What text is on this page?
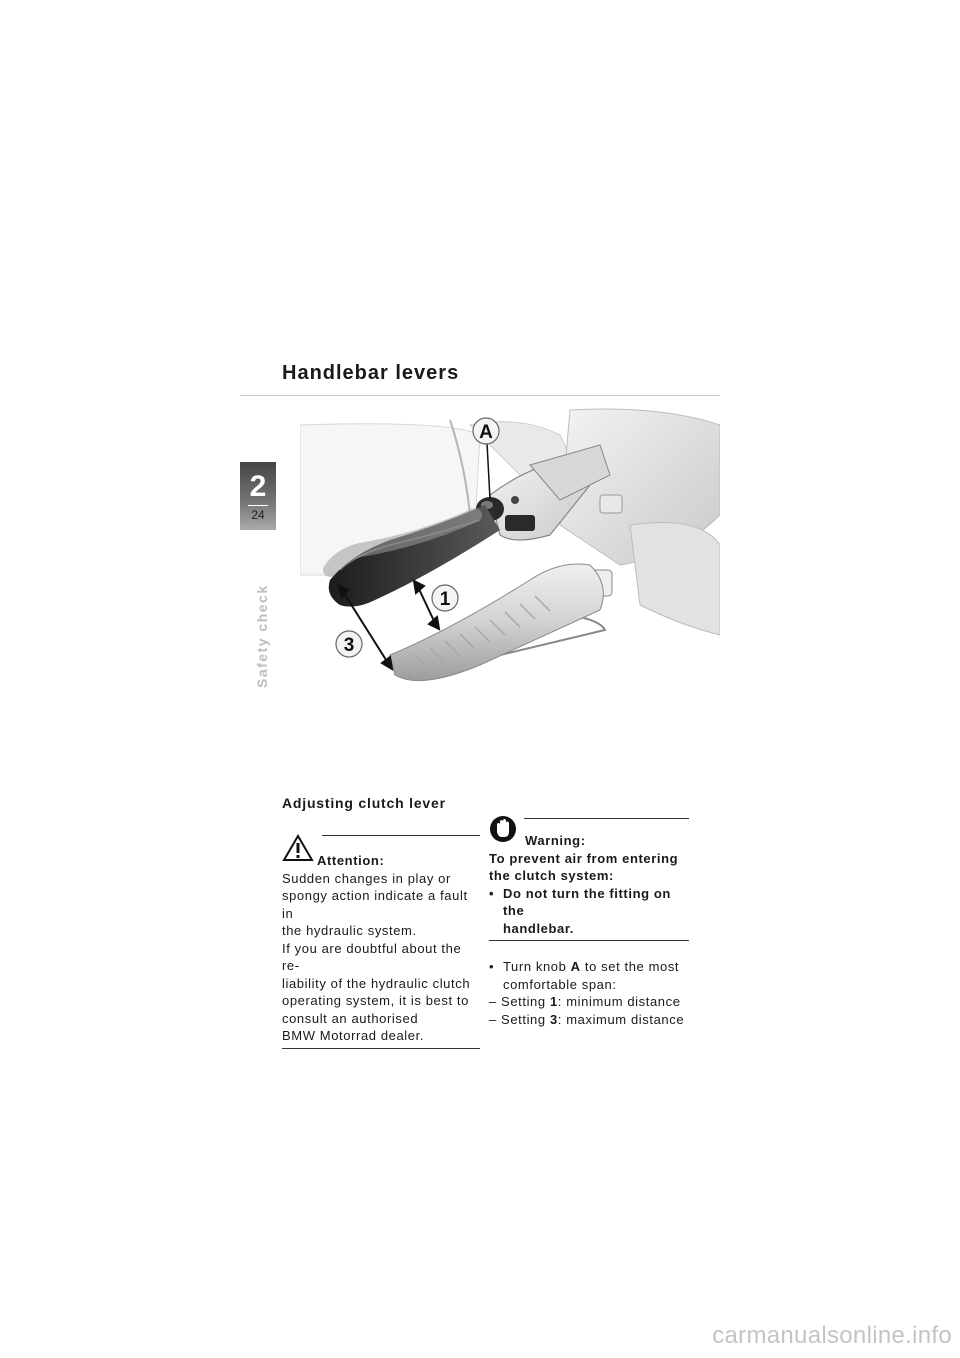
Handlebar levers
2
24
Safety check
A
1
3
Adjusting clutch lever
Attention:
Sudden changes in play or
spongy action indicate a fault in
the hydraulic system.
If you are doubtful about the re-
liability of the hydraulic clutch
operating system, it is best to
consult an authorised
BMW Motorrad dealer.
Warning:
To prevent air from entering
the clutch system:
• Do not turn the fitting on the
handlebar.
• Turn knob A to set the most
comfortable span:
– Setting 1: minimum distance
– Setting 3: maximum distance
carmanualsonline.info
